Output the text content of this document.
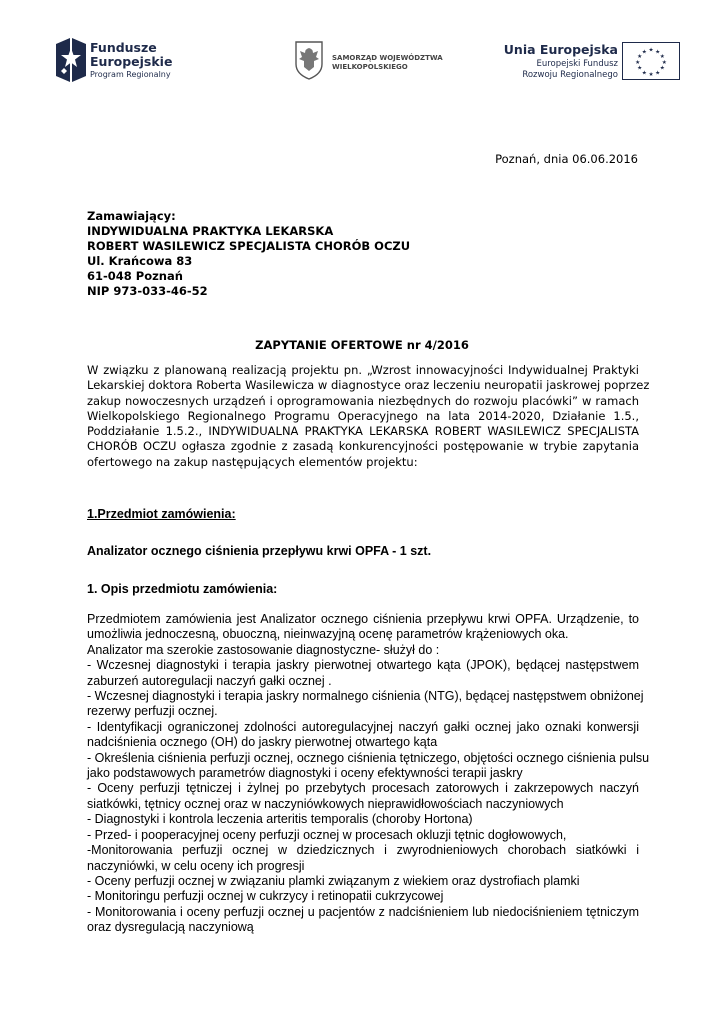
Fundusze
Europejskie
Program Regionalny
SAMORZĄD WOJEWÓDZTWA
WIELKOPOLSKIEGO
Unia Europejska
Europejski Fundusz
Rozwoju Regionalnego
★ ★
★
★
★
★
★
★
★
★
★
★
Poznań, dnia 06.06.2016
Zamawiający:
INDYWIDUALNA PRAKTYKA LEKARSKA
ROBERT WASILEWICZ SPECJALISTA CHORÓB OCZU
Ul. Krańcowa 83
61-048 Poznań
NIP 973-033-46-52
ZAPYTANIE OFERTOWE nr 4/2016
W związku z planowaną realizacją projektu pn. „Wzrost innowacyjności Indywidualnej Praktyki
Lekarskiej doktora Roberta Wasilewicza w diagnostyce oraz leczeniu neuropatii jaskrowej poprzez
zakup nowoczesnych urządzeń i oprogramowania niezbędnych do rozwoju placówki” w ramach
Wielkopolskiego Regionalnego Programu Operacyjnego na lata 2014-2020, Działanie 1.5.,
Poddziałanie 1.5.2., INDYWIDUALNA PRAKTYKA LEKARSKA ROBERT WASILEWICZ SPECJALISTA
CHORÓB OCZU ogłasza zgodnie z zasadą konkurencyjności postępowanie w trybie zapytania
ofertowego na zakup następujących elementów projektu:
1.Przedmiot zamówienia:
Analizator ocznego ciśnienia przepływu krwi OPFA - 1 szt.
1. Opis przedmiotu zamówienia:
Przedmiotem zamówienia jest Analizator ocznego ciśnienia przepływu krwi OPFA. Urządzenie, to
umożliwia jednoczesną, obuoczną, nieinwazyjną ocenę parametrów krążeniowych oka.
Analizator ma szerokie zastosowanie diagnostyczne- służył do :
- Wczesnej diagnostyki i terapia jaskry pierwotnej otwartego kąta (JPOK), będącej następstwem
zaburzeń autoregulacji naczyń gałki ocznej .
- Wczesnej diagnostyki i terapia jaskry normalnego ciśnienia (NTG), będącej następstwem obniżonej
rezerwy perfuzji ocznej.
- Identyfikacji ograniczonej zdolności autoregulacyjnej naczyń gałki ocznej jako oznaki konwersji
nadciśnienia ocznego (OH) do jaskry pierwotnej otwartego kąta
- Określenia ciśnienia perfuzji ocznej, ocznego ciśnienia tętniczego, objętości ocznego ciśnienia pulsu
jako podstawowych parametrów diagnostyki i oceny efektywności terapii jaskry
- Oceny perfuzji tętniczej i żylnej po przebytych procesach zatorowych i zakrzepowych naczyń
siatkówki, tętnicy ocznej oraz w naczyniówkowych nieprawidłowościach naczyniowych
- Diagnostyki i kontrola leczenia arteritis temporalis (choroby Hortona)
- Przed- i pooperacyjnej oceny perfuzji ocznej w procesach okluzji tętnic dogłowowych,
-Monitorowania perfuzji ocznej w dziedzicznych i zwyrodnieniowych chorobach siatkówki i
naczyniówki, w celu oceny ich progresji
- Oceny perfuzji ocznej w związaniu plamki związanym z wiekiem oraz dystrofiach plamki
- Monitoringu perfuzji ocznej w cukrzycy i retinopatii cukrzycowej
- Monitorowania i oceny perfuzji ocznej u pacjentów z nadciśnieniem lub niedociśnieniem tętniczym
oraz dysregulacją naczyniową
